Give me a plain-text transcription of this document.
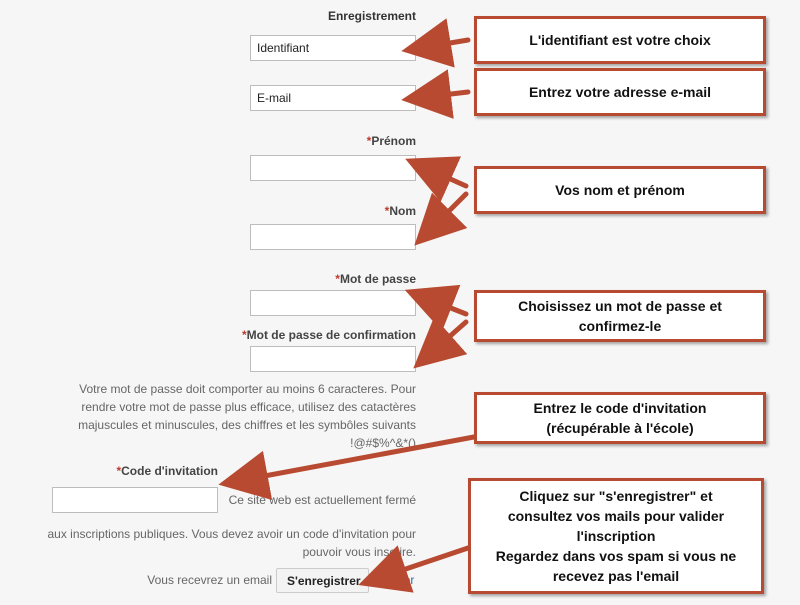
Enregistrement
Identifiant
E-mail
*Prénom
*Nom
*Mot de passe
*Mot de passe de confirmation
Votre mot de passe doit comporter au moins 6 caracteres. Pour
rendre votre mot de passe plus efficace, utilisez des catactères
majuscules et minuscules, des chiffres et les symbôles suivants
!@#$%^&*()
*Code d'invitation
Ce site web est actuellement fermé
aux inscriptions publiques. Vous devez avoir un code d'invitation pour
pouvoir vous inscrire.
Vous recevrez un email	S'enregistrer	Annuler
L'identifiant est votre choix
Entrez votre adresse e-mail
Vos nom et prénom
Choisissez un mot de passe et
confirmez-le
Entrez le code d'invitation
(récupérable à l'école)
Cliquez sur "s'enregistrer" et
consultez vos mails pour valider
l'inscription
Regardez dans vos spam si vous ne
recevez pas l'email
